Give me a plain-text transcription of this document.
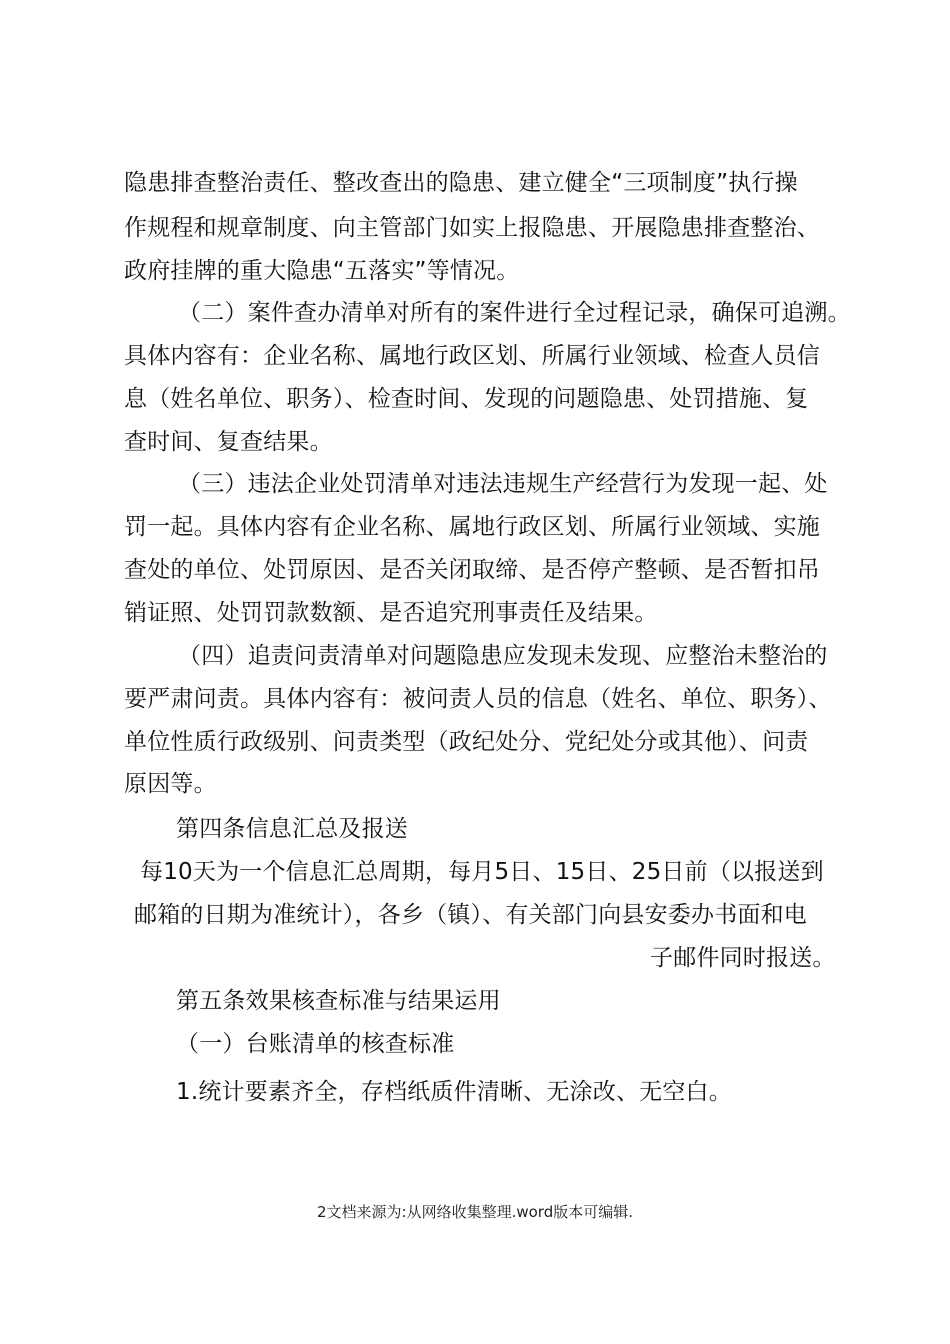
隐患排查整治责任、整改查出的隐患、建立健全“三项制度”执行操
作规程和规章制度、向主管部门如实上报隐患、开展隐患排查整治、
政府挂牌的重大隐患“五落实”等情况。
（二）案件查办清单对所有的案件进行全过程记录，确保可追溯。
具体内容有：企业名称、属地行政区划、所属行业领域、检查人员信
息（姓名单位、职务）、检查时间、发现的问题隐患、处罚措施、复
查时间、复查结果。
（三）违法企业处罚清单对违法违规生产经营行为发现一起、处
罚一起。具体内容有企业名称、属地行政区划、所属行业领域、实施
查处的单位、处罚原因、是否关闭取缔、是否停产整顿、是否暂扣吊
销证照、处罚罚款数额、是否追究刑事责任及结果。
（四）追责问责清单对问题隐患应发现未发现、应整治未整治的
要严肃问责。具体内容有：被问责人员的信息（姓名、单位、职务）、
单位性质行政级别、问责类型（政纪处分、党纪处分或其他）、问责
原因等。
第四条信息汇总及报送
每10天为一个信息汇总周期，每月5日、15日、25日前（以报送到
邮箱的日期为准统计），各乡（镇）、有关部门向县安委办书面和电
子邮件同时报送。
第五条效果核查标准与结果运用
（一）台账清单的核查标准
1.统计要素齐全，存档纸质件清晰、无涂改、无空白。
2文档来源为:从网络收集整理.word版本可编辑.
